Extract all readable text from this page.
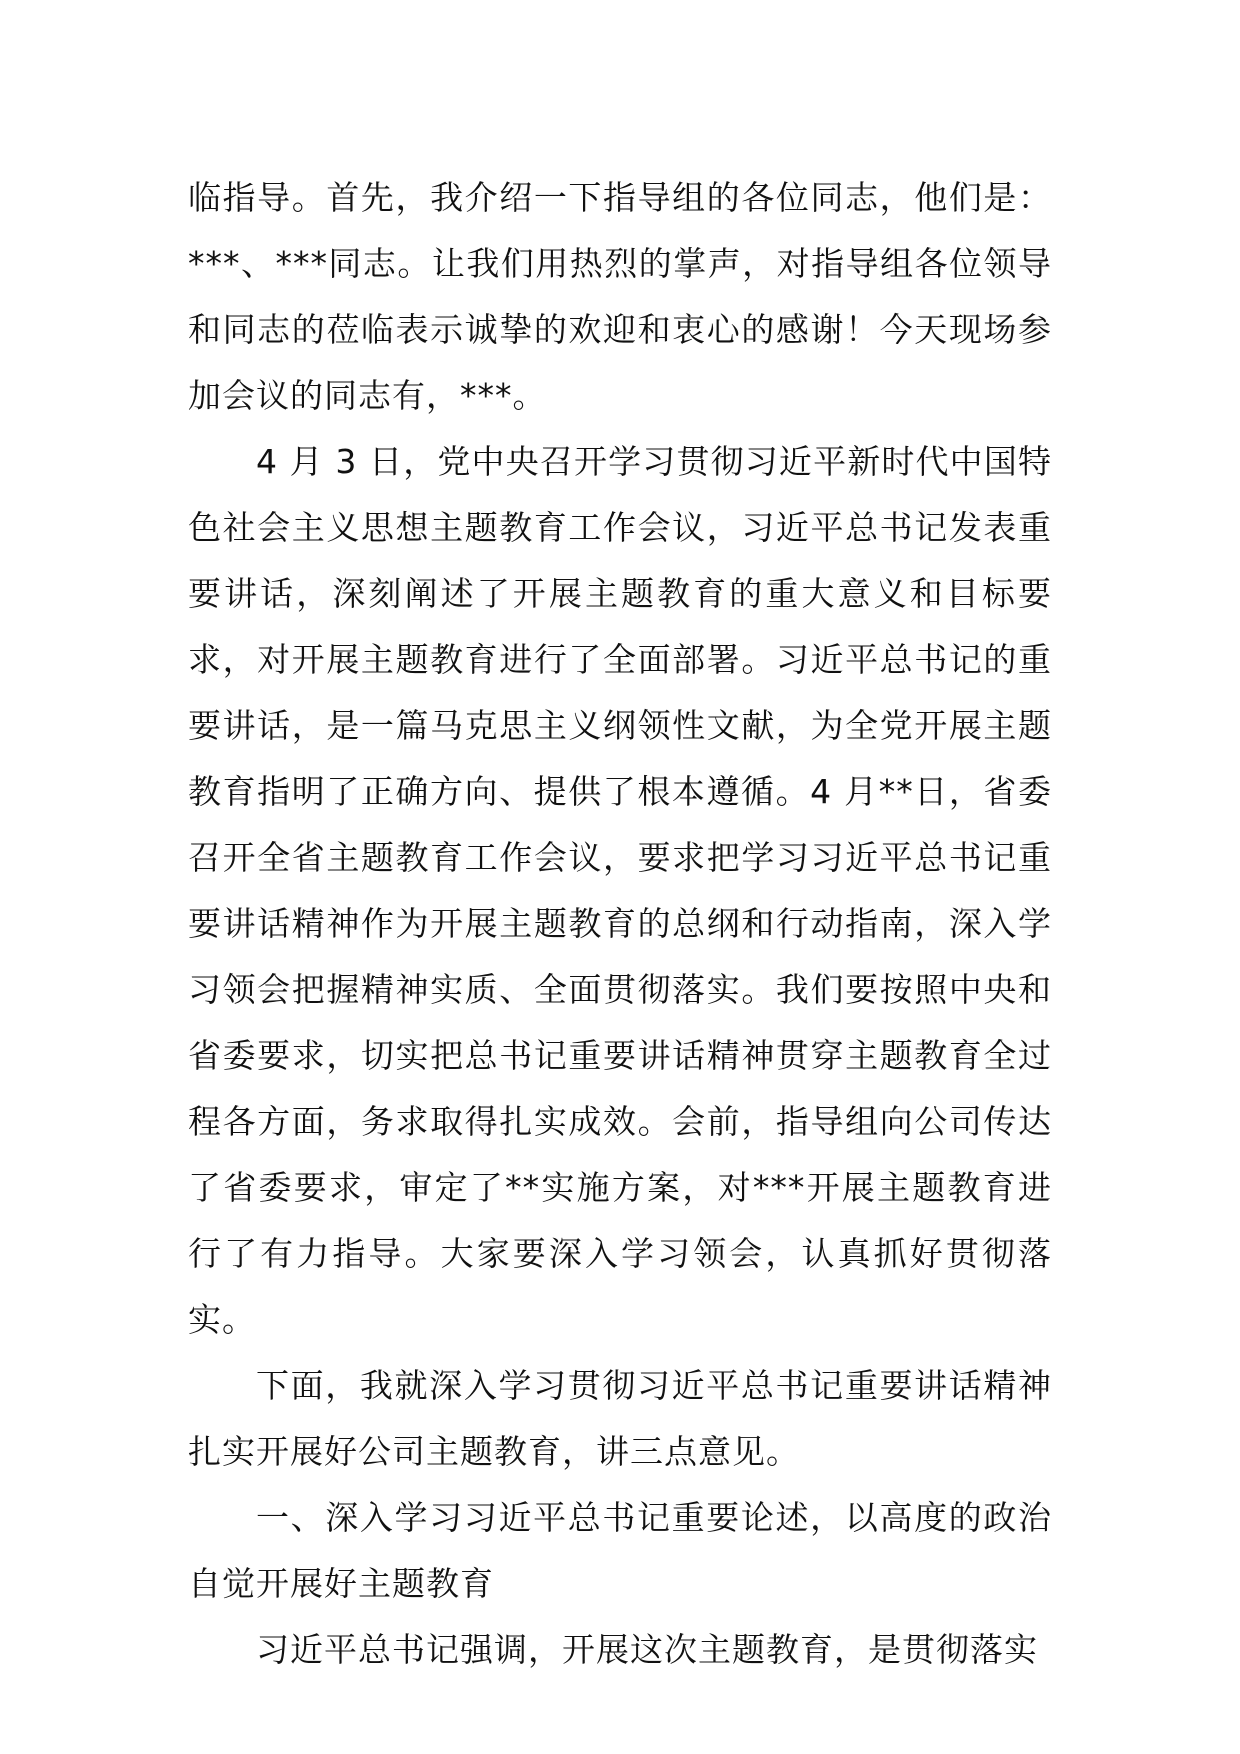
临指导。首先，我介绍一下指导组的各位同志，他们是：***、***同志。让我们用热烈的掌声，对指导组各位领导和同志的莅临表示诚挚的欢迎和衷心的感谢！今天现场参加会议的同志有，***。

4 月 3 日，党中央召开学习贯彻习近平新时代中国特色社会主义思想主题教育工作会议，习近平总书记发表重要讲话，深刻阐述了开展主题教育的重大意义和目标要求，对开展主题教育进行了全面部署。习近平总书记的重要讲话，是一篇马克思主义纲领性文献，为全党开展主题教育指明了正确方向、提供了根本遵循。4 月**日，省委召开全省主题教育工作会议，要求把学习习近平总书记重要讲话精神作为开展主题教育的总纲和行动指南，深入学习领会把握精神实质、全面贯彻落实。我们要按照中央和省委要求，切实把总书记重要讲话精神贯穿主题教育全过程各方面，务求取得扎实成效。会前，指导组向公司传达了省委要求，审定了**实施方案，对***开展主题教育进行了有力指导。大家要深入学习领会，认真抓好贯彻落实。

下面，我就深入学习贯彻习近平总书记重要讲话精神扎实开展好公司主题教育，讲三点意见。

一、深入学习习近平总书记重要论述，以高度的政治自觉开展好主题教育

习近平总书记强调，开展这次主题教育，是贯彻落实
